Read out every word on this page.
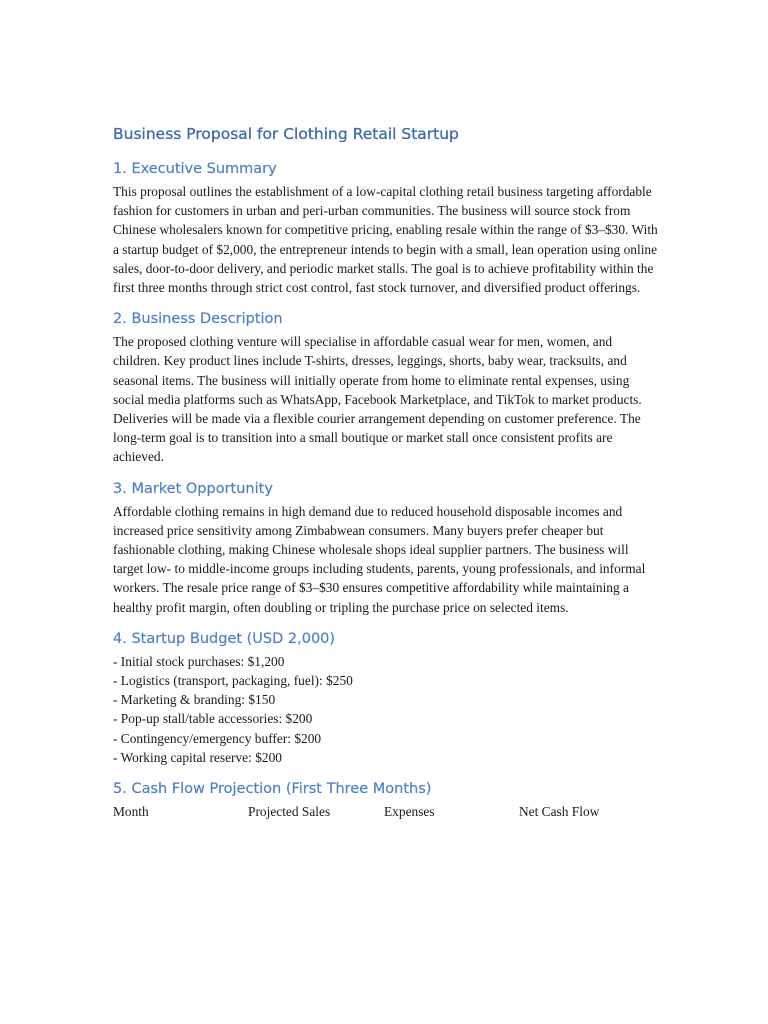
Business Proposal for Clothing Retail Startup
1. Executive Summary

This proposal outlines the establishment of a low-capital clothing retail business targeting affordable fashion for customers in urban and peri-urban communities. The business will source stock from Chinese wholesalers known for competitive pricing, enabling resale within the range of $3–$30. With a startup budget of $2,000, the entrepreneur intends to begin with a small, lean operation using online sales, door-to-door delivery, and periodic market stalls. The goal is to achieve profitability within the first three months through strict cost control, fast stock turnover, and diversified product offerings.

2. Business Description

The proposed clothing venture will specialise in affordable casual wear for men, women, and children. Key product lines include T-shirts, dresses, leggings, shorts, baby wear, tracksuits, and seasonal items. The business will initially operate from home to eliminate rental expenses, using social media platforms such as WhatsApp, Facebook Marketplace, and TikTok to market products. Deliveries will be made via a flexible courier arrangement depending on customer preference. The long-term goal is to transition into a small boutique or market stall once consistent profits are achieved.

3. Market Opportunity

Affordable clothing remains in high demand due to reduced household disposable incomes and increased price sensitivity among Zimbabwean consumers. Many buyers prefer cheaper but fashionable clothing, making Chinese wholesale shops ideal supplier partners. The business will target low- to middle-income groups including students, parents, young professionals, and informal workers. The resale price range of $3–$30 ensures competitive affordability while maintaining a healthy profit margin, often doubling or tripling the purchase price on selected items.

4. Startup Budget (USD 2,000)
- Initial stock purchases: $1,200
- Logistics (transport, packaging, fuel): $250
- Marketing & branding: $150
- Pop-up stall/table accessories: $200
- Contingency/emergency buffer: $200
- Working capital reserve: $200
5. Cash Flow Projection (First Three Months)
Month	Projected Sales	Expenses	Net Cash Flow
